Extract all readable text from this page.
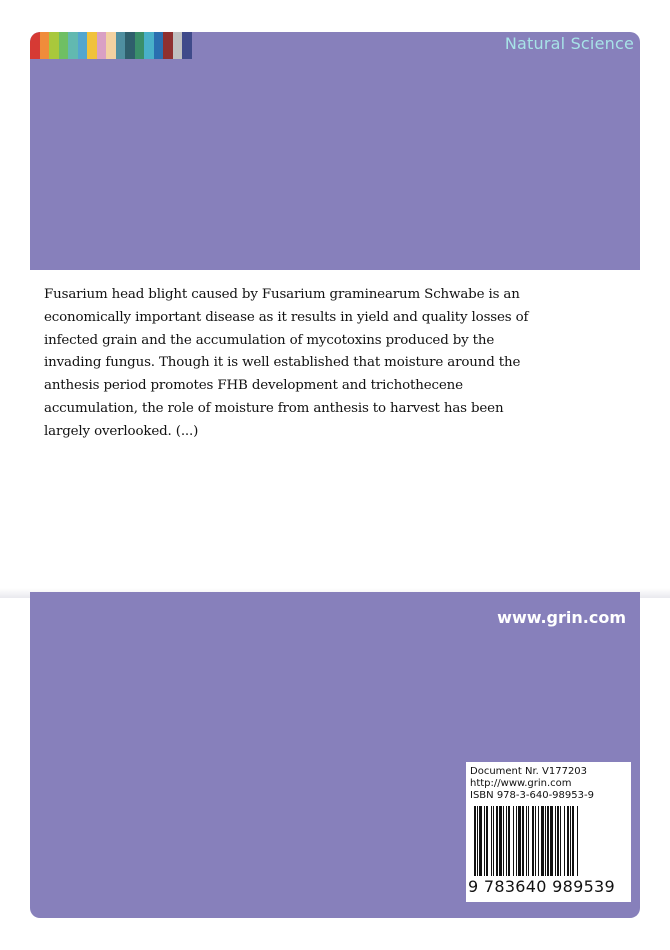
Natural Science

Fusarium head blight caused by Fusarium graminearum Schwabe is an economically important disease as it results in yield and quality losses of infected grain and the accumulation of mycotoxins produced by the invading fungus. Though it is well established that moisture around the anthesis period promotes FHB development and trichothecene accumulation, the role of moisture from anthesis to harvest has been largely overlooked. (...)

www.grin.com
Document Nr. V177203
http://www.grin.com
ISBN 978-3-640-98953-9
9 783640 989539
